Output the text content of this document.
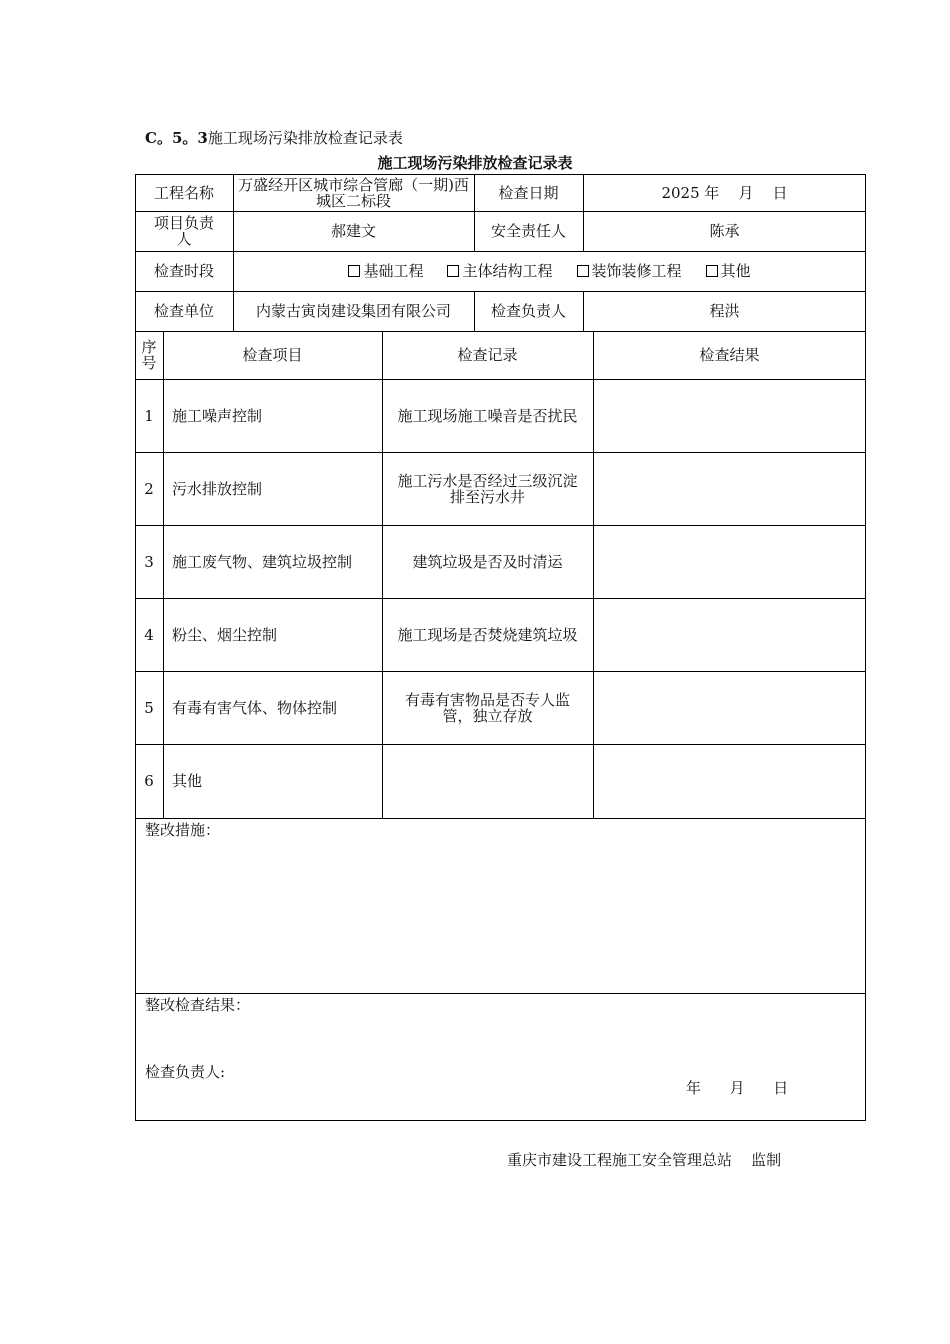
C。5。3施工现场污染排放检查记录表
施工现场污染排放检查记录表
工程名称	万盛经开区城市综合管廊（一期)西城区二标段	检查日期	2025 年    月    日
项目负责人	郝建文	安全责任人	陈承
检查时段	基础工程	主体结构工程	装饰装修工程	其他
检查单位	内蒙古寅岗建设集团有限公司	检查负责人	程洪
序号	检查项目	检查记录	检查结果
1	施工噪声控制	施工现场施工噪音是否扰民
2	污水排放控制	施工污水是否经过三级沉淀排至污水井
3	施工废气物、建筑垃圾控制	建筑垃圾是否及时清运
4	粉尘、烟尘控制	施工现场是否焚烧建筑垃圾
5	有毒有害气体、物体控制	有毒有害物品是否专人监管，独立存放
6	其他
整改措施：
整改检查结果：
检查负责人:
年      月      日
重庆市建设工程施工安全管理总站    监制
